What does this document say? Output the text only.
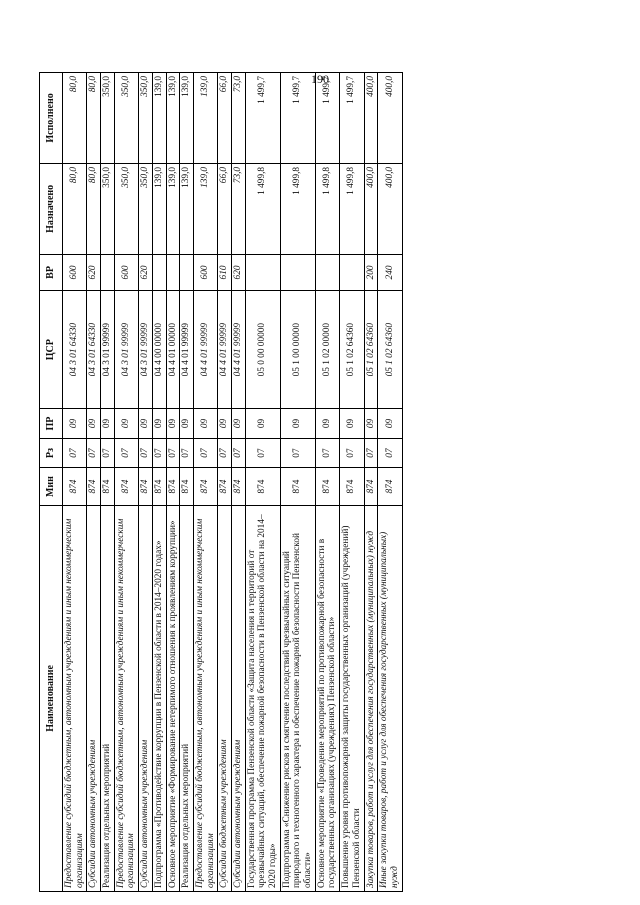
190
Наименование	Мин	Рз	ПР	ЦСР	ВР	Назначено	Исполнено
Предоставление субсидий бюджетным, автономным учреждениям и иным некоммерческим организациям	874	07	09	04 3 01 64330	600	80,0	80,0
Субсидии автономным учреждениям	874	07	09	04 3 01 64330	620	80,0	80,0
Реализация отдельных мероприятий	874	07	09	04 3 01 99999		350,0	350,0
Предоставление субсидий бюджетным, автономным учреждениям и иным некоммерческим организациям	874	07	09	04 3 01 99999	600	350,0	350,0
Субсидии автономным учреждениям	874	07	09	04 3 01 99999	620	350,0	350,0
Подпрограмма «Противодействие коррупции в Пензенской области в 2014–2020 годах»	874	07	09	04 4 00 00000		139,0	139,0
Основное мероприятие «Формирование нетерпимого отношения к проявлениям коррупции»	874	07	09	04 4 01 00000		139,0	139,0
Реализация отдельных мероприятий	874	07	09	04 4 01 99999		139,0	139,0
Предоставление субсидий бюджетным, автономным учреждениям и иным некоммерческим организациям	874	07	09	04 4 01 99999	600	139,0	139,0
Субсидии бюджетным учреждениям	874	07	09	04 4 01 99999	610	66,0	66,0
Субсидии автономным учреждениям	874	07	09	04 4 01 99999	620	73,0	73,0
Государственная программа Пензенской области «Защита населения и территорий от чрезвычайных ситуаций, обеспечение пожарной безопасности в Пензенской области на 2014–2020 годы»	874	07	09	05 0 00 00000		1 499,8	1 499,7
Подпрограмма «Снижение рисков и смягчение последствий чрезвычайных ситуаций природного и техногенного характера и обеспечение пожарной безопасности Пензенской области»	874	07	09	05 1 00 00000		1 499,8	1 499,7
Основное мероприятие «Проведение мероприятий по противопожарной безопасности в государственных организациях (учреждениях) Пензенской области»	874	07	09	05 1 02 00000		1 499,8	1 499,7
Повышение уровня противопожарной защиты государственных организаций (учреждений) Пензенской области	874	07	09	05 1 02 64360		1 499,8	1 499,7
Закупка товаров, работ и услуг для обеспечения государственных (муниципальных) нужд	874	07	09	05 1 02 64360	200	400,0	400,0
Иные закупки товаров, работ и услуг для обеспечения государственных (муниципальных) нужд	874	07	09	05 1 02 64360	240	400,0	400,0
